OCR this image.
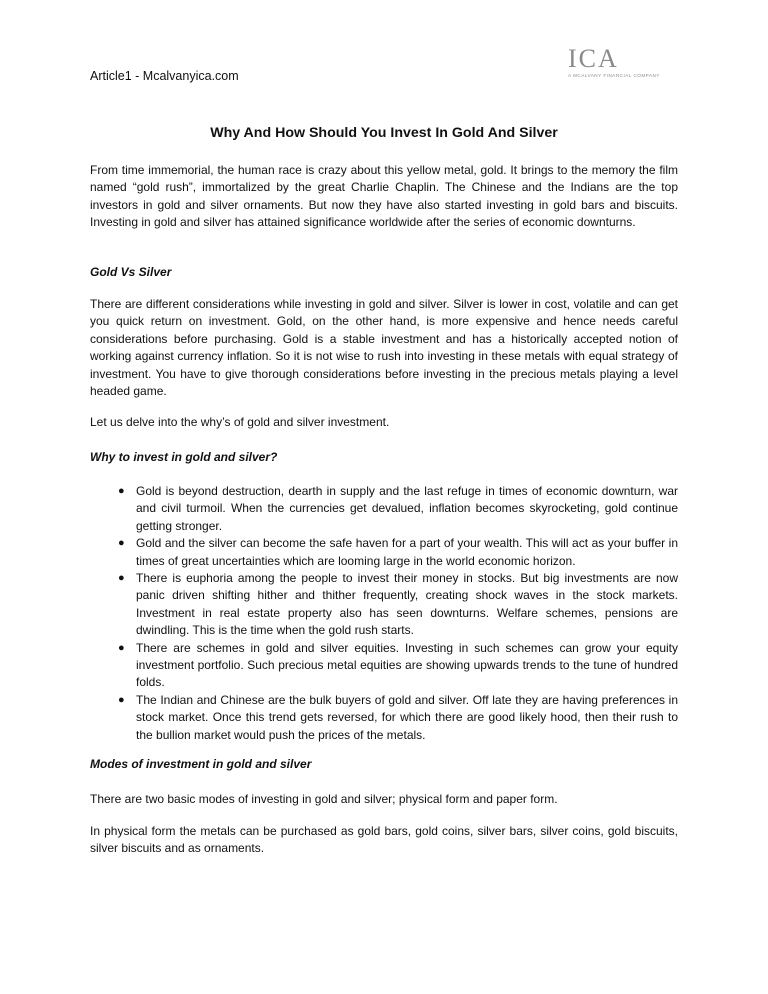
Article1 - Mcalvanyica.com
ICA
A MCALVANY FINANCIAL COMPANY
Why And How Should You Invest In Gold And Silver

From time immemorial, the human race is crazy about this yellow metal, gold. It brings to the memory the film named “gold rush”, immortalized by the great Charlie Chaplin. The Chinese and the Indians are the top investors in gold and silver ornaments. But now they have also started investing in gold bars and biscuits. Investing in gold and silver has attained significance worldwide after the series of economic downturns.

Gold Vs Silver

There are different considerations while investing in gold and silver. Silver is lower in cost, volatile and can get you quick return on investment. Gold, on the other hand, is more expensive and hence needs careful considerations before purchasing. Gold is a stable investment and has a historically accepted notion of working against currency inflation. So it is not wise to rush into investing in these metals with equal strategy of investment. You have to give thorough considerations before investing in the precious metals playing a level headed game.

Let us delve into the why’s of gold and silver investment.

Why to invest in gold and silver?

● Gold is beyond destruction, dearth in supply and the last refuge in times of economic downturn, war and civil turmoil. When the currencies get devalued, inflation becomes skyrocketing, gold continue getting stronger.
● Gold and the silver can become the safe haven for a part of your wealth. This will act as your buffer in times of great uncertainties which are looming large in the world economic horizon.
● There is euphoria among the people to invest their money in stocks. But big investments are now panic driven shifting hither and thither frequently, creating shock waves in the stock markets. Investment in real estate property also has seen downturns. Welfare schemes, pensions are dwindling. This is the time when the gold rush starts.
● There are schemes in gold and silver equities. Investing in such schemes can grow your equity investment portfolio. Such precious metal equities are showing upwards trends to the tune of hundred folds.
● The Indian and Chinese are the bulk buyers of gold and silver. Off late they are having preferences in stock market. Once this trend gets reversed, for which there are good likely hood, then their rush to the bullion market would push the prices of the metals.

Modes of investment in gold and silver

There are two basic modes of investing in gold and silver; physical form and paper form.

In physical form the metals can be purchased as gold bars, gold coins, silver bars, silver coins, gold biscuits, silver biscuits and as ornaments.
